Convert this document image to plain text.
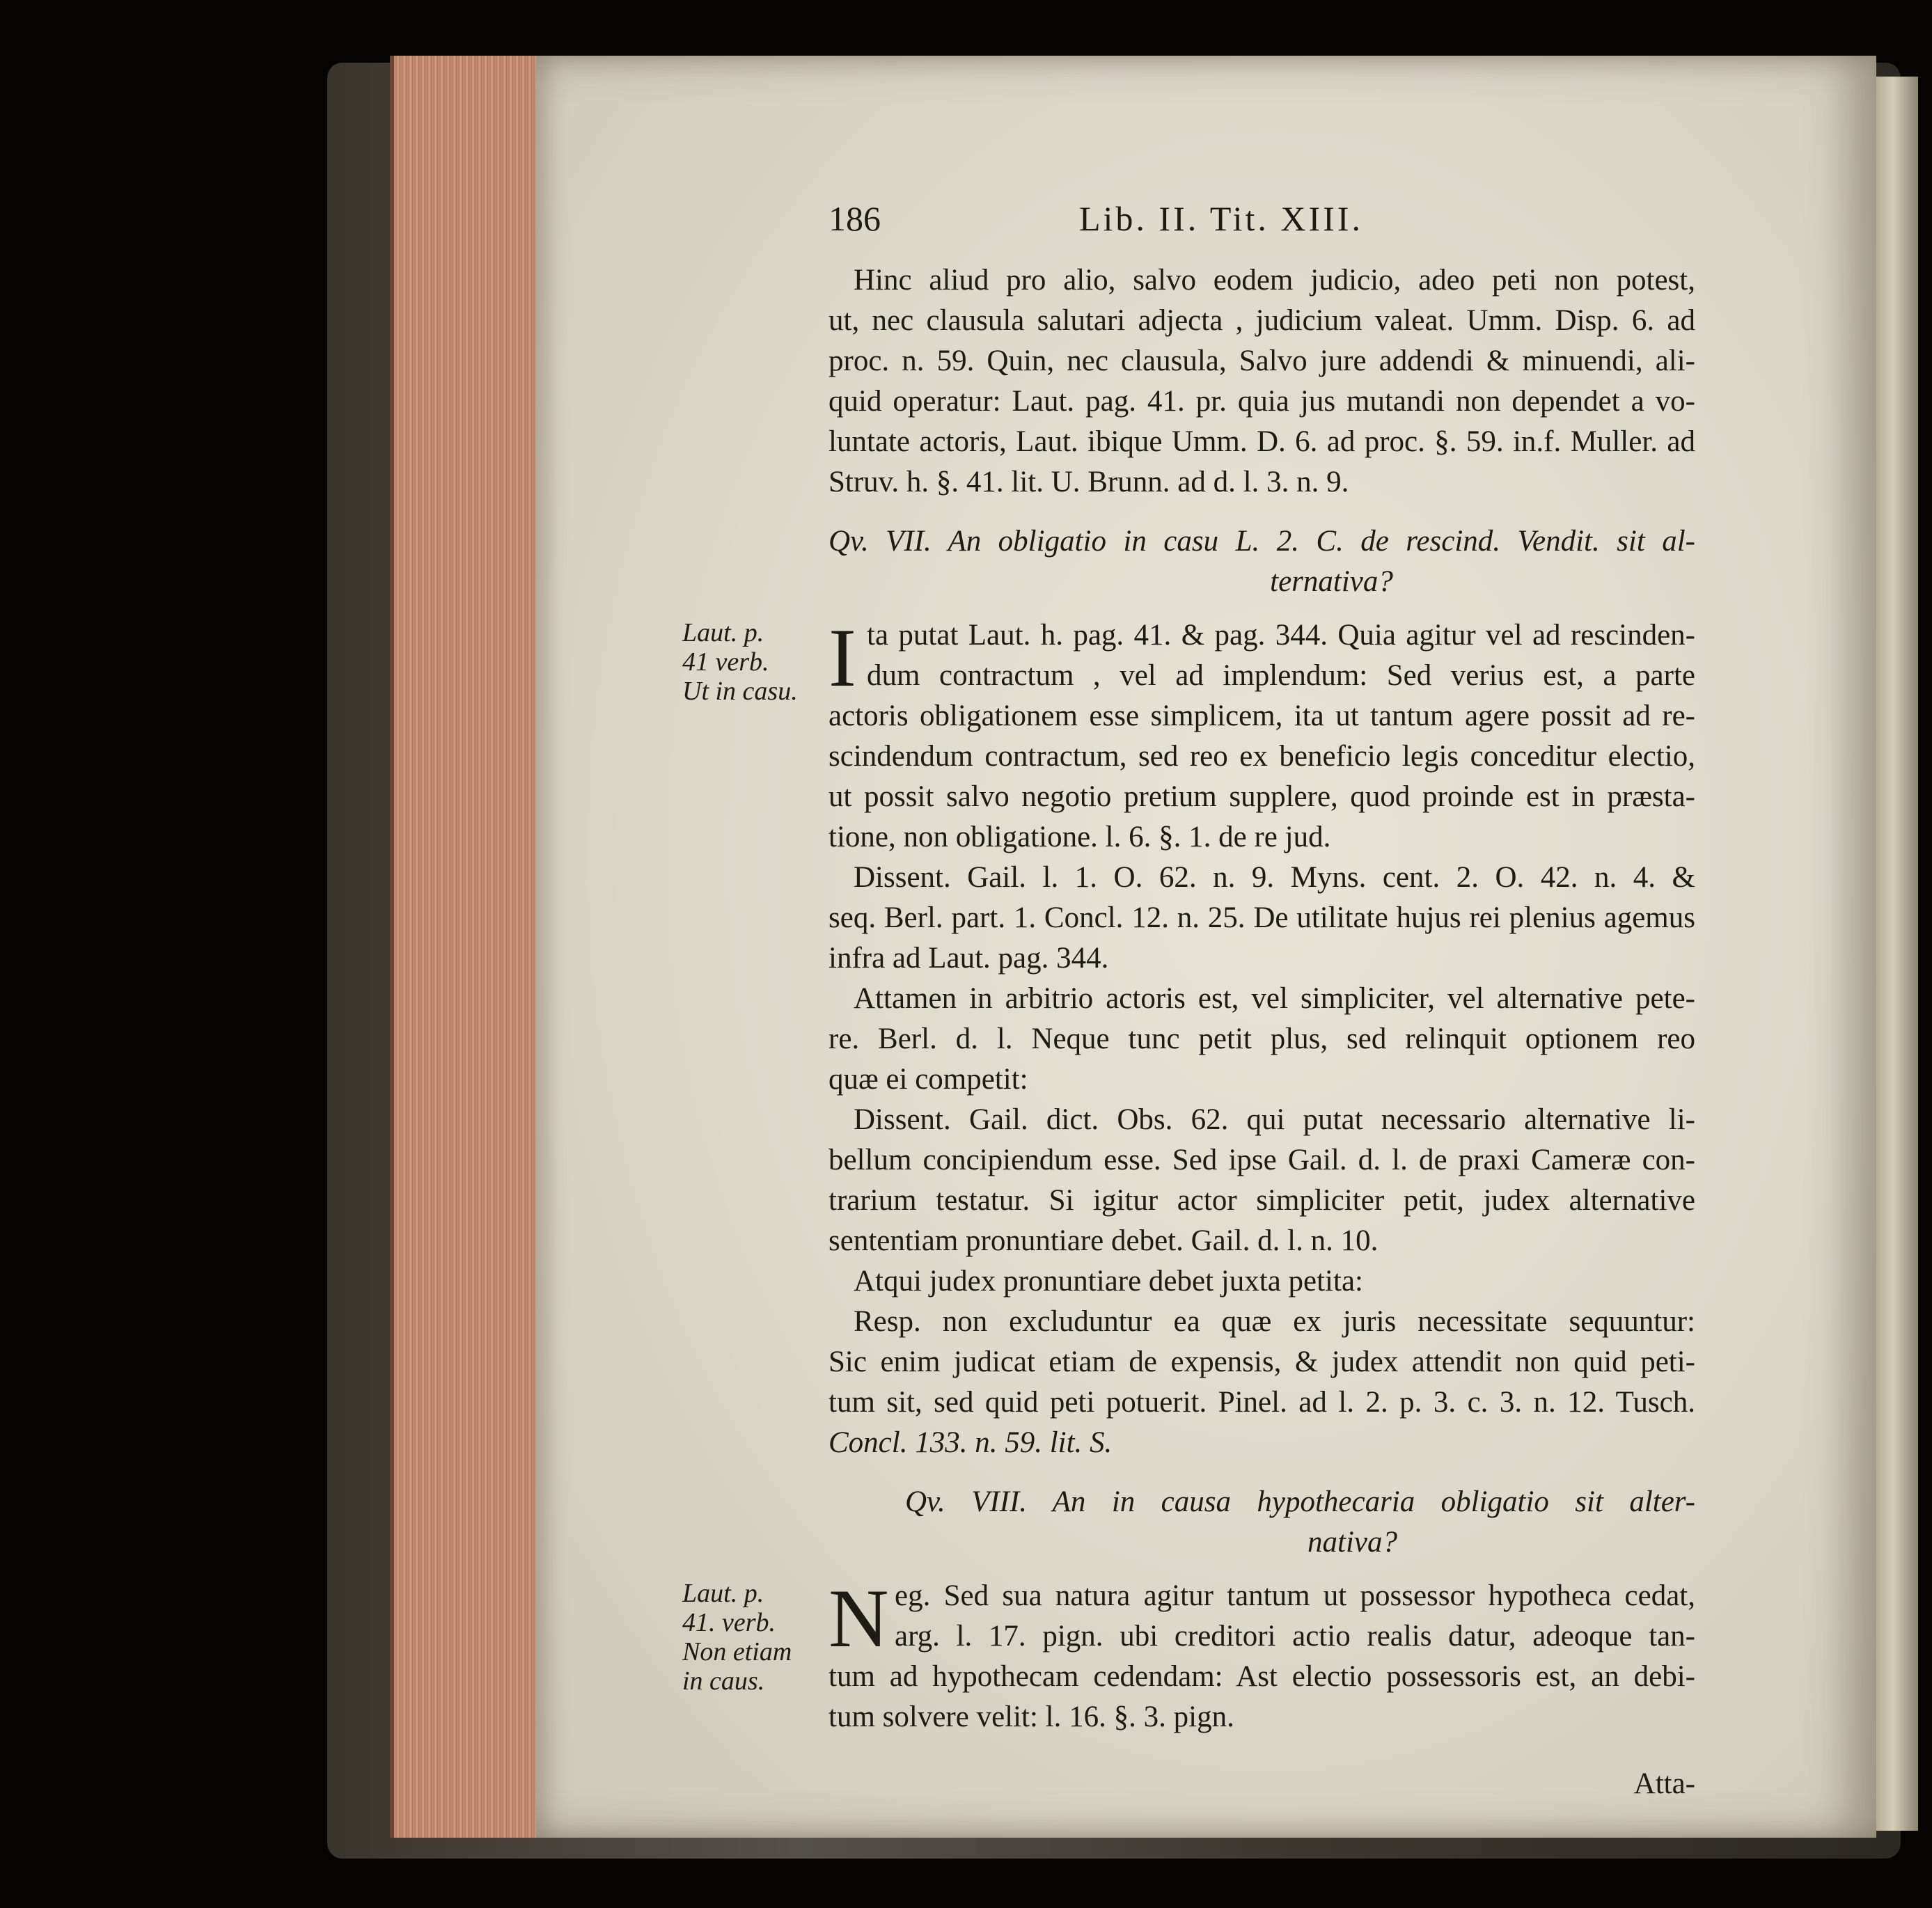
186	Lib. II. Tit. XIII.
Hinc aliud pro alio, salvo eodem judicio, adeo peti non potest,
ut, nec clausula salutari adjecta , judicium valeat. Umm. Disp. 6. ad
proc. n. 59. Quin, nec clausula, Salvo jure addendi & minuendi, ali-
quid operatur: Laut. pag. 41. pr. quia jus mutandi non dependet a vo-
luntate actoris, Laut. ibique Umm. D. 6. ad proc. §. 59. in.f. Muller. ad
Struv. h. §. 41. lit. U. Brunn. ad d. l. 3. n. 9.
Qv. VII. An obligatio in casu L. 2. C. de rescind. Vendit. sit al-
ternativa?
Laut. p.
41 verb.
Ut in casu. I ta putat Laut. h. pag. 41. & pag. 344. Quia agitur vel ad rescinden-
dum contractum , vel ad implendum: Sed verius est, a parte
actoris obligationem esse simplicem, ita ut tantum agere possit ad re-
scindendum contractum, sed reo ex beneficio legis conceditur electio,
ut possit salvo negotio pretium supplere, quod proinde est in præsta-
tione, non obligatione. l. 6. §. 1. de re jud.
Dissent. Gail. l. 1. O. 62. n. 9. Myns. cent. 2. O. 42. n. 4. &
seq. Berl. part. 1. Concl. 12. n. 25. De utilitate hujus rei plenius agemus
infra ad Laut. pag. 344.
Attamen in arbitrio actoris est, vel simpliciter, vel alternative pete-
re. Berl. d. l. Neque tunc petit plus, sed relinquit optionem reo
quæ ei competit:
Dissent. Gail. dict. Obs. 62. qui putat necessario alternative li-
bellum concipiendum esse. Sed ipse Gail. d. l. de praxi Cameræ con-
trarium testatur. Si igitur actor simpliciter petit, judex alternative
sententiam pronuntiare debet. Gail. d. l. n. 10.
Atqui judex pronuntiare debet juxta petita:
Resp. non excluduntur ea quæ ex juris necessitate sequuntur:
Sic enim judicat etiam de expensis, & judex attendit non quid peti-
tum sit, sed quid peti potuerit. Pinel. ad l. 2. p. 3. c. 3. n. 12. Tusch.
Concl. 133. n. 59. lit. S.
Qv. VIII. An in causa hypothecaria obligatio sit alter-
nativa?
Laut. p.
41. verb.
Non etiam
in caus.
N eg. Sed sua natura agitur tantum ut possessor hypotheca cedat,
arg. l. 17. pign. ubi creditori actio realis datur, adeoque tan-
tum ad hypothecam cedendam: Ast electio possessoris est, an debi-
tum solvere velit: l. 16. §. 3. pign.
Atta-
